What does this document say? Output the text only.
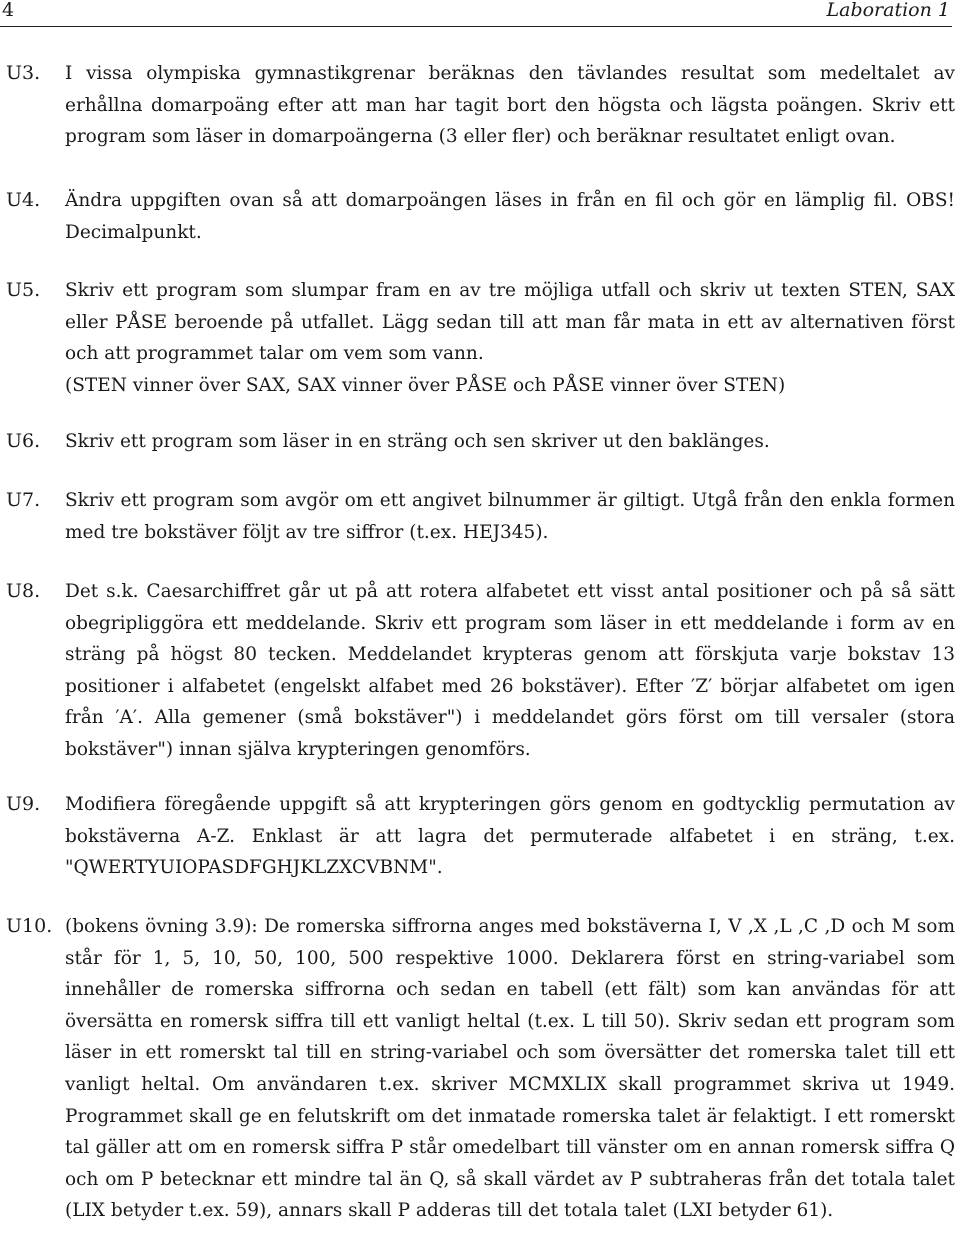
4	Laboration 1
U3. I vissa olympiska gymnastikgrenar beräknas den tävlandes resultat som medeltalet av erhållna domarpoäng efter att man har tagit bort den högsta och lägsta poängen. Skriv ett program som läser in domarpoängerna (3 eller fler) och beräknar resultatet enligt ovan.

U4. Ändra uppgiften ovan så att domarpoängen läses in från en fil och gör en lämplig fil. OBS! Decimalpunkt.

U5. Skriv ett program som slumpar fram en av tre möjliga utfall och skriv ut texten STEN, SAX eller PÅSE beroende på utfallet. Lägg sedan till att man får mata in ett av alternativen först och att programmet talar om vem som vann.

(STEN vinner över SAX, SAX vinner över PÅSE och PÅSE vinner över STEN)

U6. Skriv ett program som läser in en sträng och sen skriver ut den baklänges.

U7. Skriv ett program som avgör om ett angivet bilnummer är giltigt. Utgå från den enkla formen med tre bokstäver följt av tre siffror (t.ex. HEJ345).

U8. Det s.k. Caesarchiffret går ut på att rotera alfabetet ett visst antal positioner och på så sätt obegripliggöra ett meddelande. Skriv ett program som läser in ett meddelande i form av en sträng på högst 80 tecken. Meddelandet krypteras genom att förskjuta varje bokstav 13 positioner i alfabetet (engelskt alfabet med 26 bokstäver). Efter ′Z′ börjar alfabetet om igen från ′A′. Alla gemener (små bokstäver") i meddelandet görs först om till versaler (stora bokstäver") innan själva krypteringen genomförs.

U9. Modifiera föregående uppgift så att krypteringen görs genom en godtycklig permutation av bokstäverna A-Z. Enklast är att lagra det permuterade alfabetet i en sträng, t.ex. "QWERTYUIOPASDFGHJKLZXCVBNM".

U10. (bokens övning 3.9): De romerska siffrorna anges med bokstäverna I, V ,X ,L ,C ,D och M som står för 1, 5, 10, 50, 100, 500 respektive 1000. Deklarera först en string-variabel som innehåller de romerska siffrorna och sedan en tabell (ett fält) som kan användas för att översätta en romersk siffra till ett vanligt heltal (t.ex. L till 50). Skriv sedan ett program som läser in ett romerskt tal till en string-variabel och som översätter det romerska talet till ett vanligt heltal. Om användaren t.ex. skriver MCMXLIX skall programmet skriva ut 1949. Programmet skall ge en felutskrift om det inmatade romerska talet är felaktigt. I ett romerskt tal gäller att om en romersk siffra P står omedelbart till vänster om en annan romersk siffra Q och om P betecknar ett mindre tal än Q, så skall värdet av P subtraheras från det totala talet (LIX betyder t.ex. 59), annars skall P adderas till det totala talet (LXI betyder 61).
